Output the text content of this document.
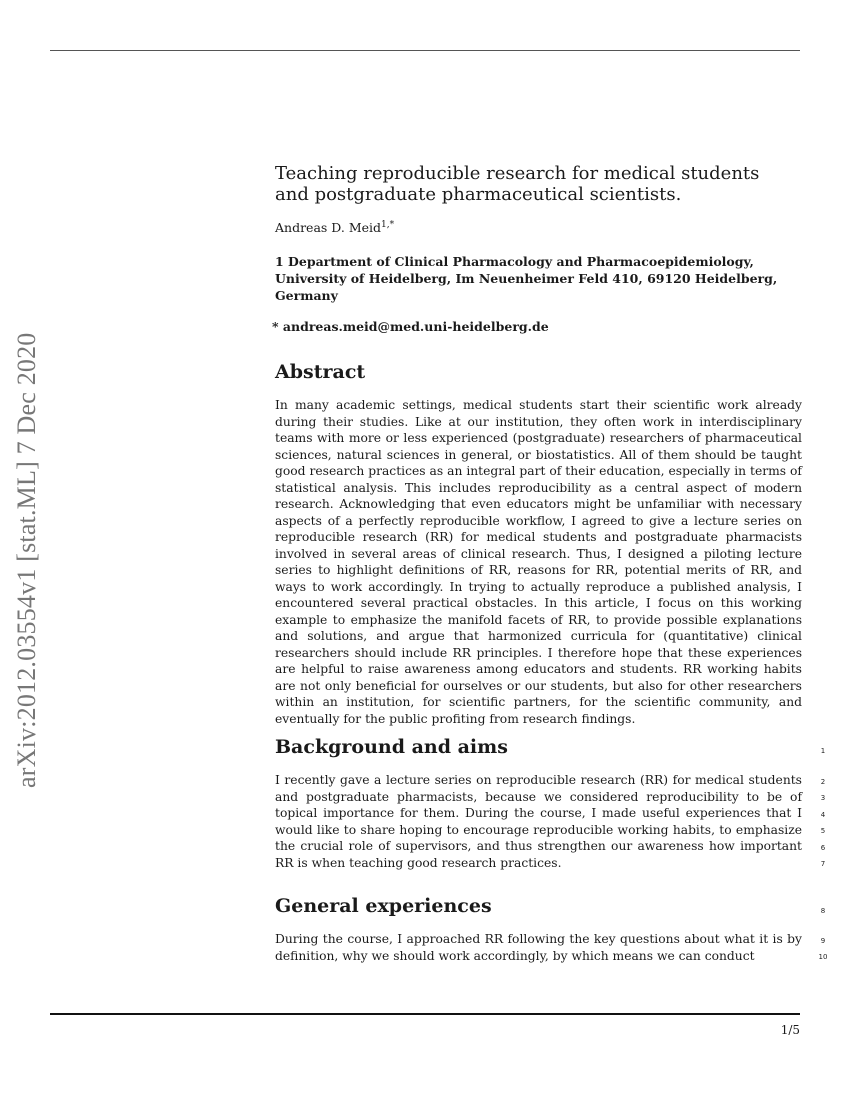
arXiv:2012.03554v1 [stat.ML] 7 Dec 2020
Teaching reproducible research for medical students and postgraduate pharmaceutical scientists.
Andreas D. Meid$^{1,*}$
1 Department of Clinical Pharmacology and Pharmacoepidemiology, University of Heidelberg, Im Neuenheimer Feld 410, 69120 Heidelberg, Germany
* andreas.meid@med.uni-heidelberg.de
Abstract

In many academic settings, medical students start their scientific work already during their studies. Like at our institution, they often work in interdisciplinary teams with more or less experienced (postgraduate) researchers of pharmaceutical sciences, natural sciences in general, or biostatistics. All of them should be taught good research practices as an integral part of their education, especially in terms of statistical analysis. This includes reproducibility as a central aspect of modern research. Acknowledging that even educators might be unfamiliar with necessary aspects of a perfectly reproducible workflow, I agreed to give a lecture series on reproducible research (RR) for medical students and postgraduate pharmacists involved in several areas of clinical research. Thus, I designed a piloting lecture series to highlight definitions of RR, reasons for RR, potential merits of RR, and ways to work accordingly. In trying to actually reproduce a published analysis, I encountered several practical obstacles. In this article, I focus on this working example to emphasize the manifold facets of RR, to provide possible explanations and solutions, and argue that harmonized curricula for (quantitative) clinical researchers should include RR principles. I therefore hope that these experiences are helpful to raise awareness among educators and students. RR working habits are not only beneficial for ourselves or our students, but also for other researchers within an institution, for scientific partners, for the scientific community, and eventually for the public profiting from research findings.

Background and aims

I recently gave a lecture series on reproducible research (RR) for medical students and postgraduate pharmacists, because we considered reproducibility to be of topical importance for them. During the course, I made useful experiences that I would like to share hoping to encourage reproducible working habits, to emphasize the crucial role of supervisors, and thus strengthen our awareness how important RR is when teaching good research practices.

General experiences

During the course, I approached RR following the key questions about what it is by definition, why we should work accordingly, by which means we can conduct

1
2
3
4
5
6
7
8
9
10
1/5
